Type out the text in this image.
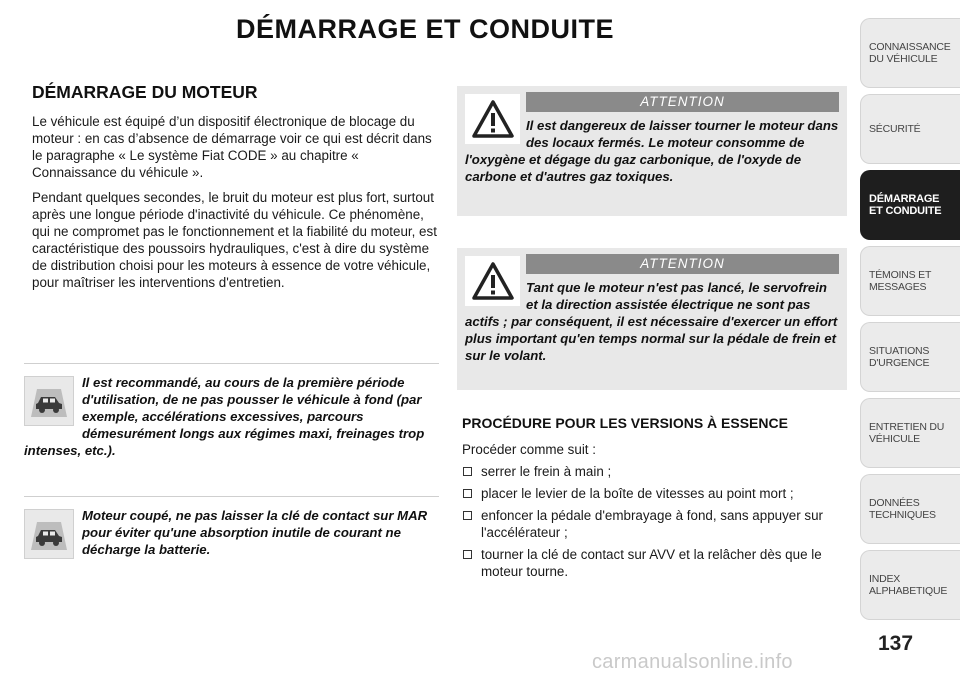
DÉMARRAGE ET CONDUITE
DÉMARRAGE DU MOTEUR

Le véhicule est équipé d’un dispositif électronique de blocage du moteur : en cas d’absence de démarrage voir ce qui est décrit dans le paragraphe « Le système Fiat CODE » au chapitre « Connaissance du véhicule ».

Pendant quelques secondes, le bruit du moteur est plus fort, surtout après une longue période d'inactivité du véhicule. Ce phénomène, qui ne compromet pas le fonctionnement et la fiabilité du moteur, est caractéristique des poussoirs hydrauliques, c'est à dire du système de distribution choisi pour les moteurs à essence de votre véhicule, pour maîtriser les interventions d'entretien.

Il est recommandé, au cours de la première période d'utilisation, de ne pas pousser le véhicule à fond (par exemple, accélérations excessives, parcours démesurément longs aux régimes maxi, freinages trop intenses, etc.).
Moteur coupé, ne pas laisser la clé de contact sur MAR pour éviter qu'une absorption inutile de courant ne décharge la batterie.
ATTENTION
Il est dangereux de laisser tourner le moteur dans des locaux fermés. Le moteur consomme de l'oxygène et dégage du gaz carbonique, de l'oxyde de carbone et d'autres gaz toxiques.
ATTENTION
Tant que le moteur n'est pas lancé, le servofrein et la direction assistée électrique ne sont pas actifs ; par conséquent, il est nécessaire d'exercer un effort plus important qu'en temps normal sur la pédale de frein et sur le volant.
PROCÉDURE POUR LES VERSIONS À ESSENCE
Procéder comme suit :
serrer le frein à main ;
placer le levier de la boîte de vitesses au point mort ;
enfoncer la pédale d'embrayage à fond, sans appuyer sur l'accélérateur ;
tourner la clé de contact sur AVV et la relâcher dès que le moteur tourne.
CONNAISSANCE DU VÉHICULE
SÉCURITÉ
DÉMARRAGE ET CONDUITE
TÉMOINS ET MESSAGES
SITUATIONS D'URGENCE
ENTRETIEN DU VÉHICULE
DONNÉES TECHNIQUES
INDEX ALPHABETIQUE
137
carmanualsonline.info
